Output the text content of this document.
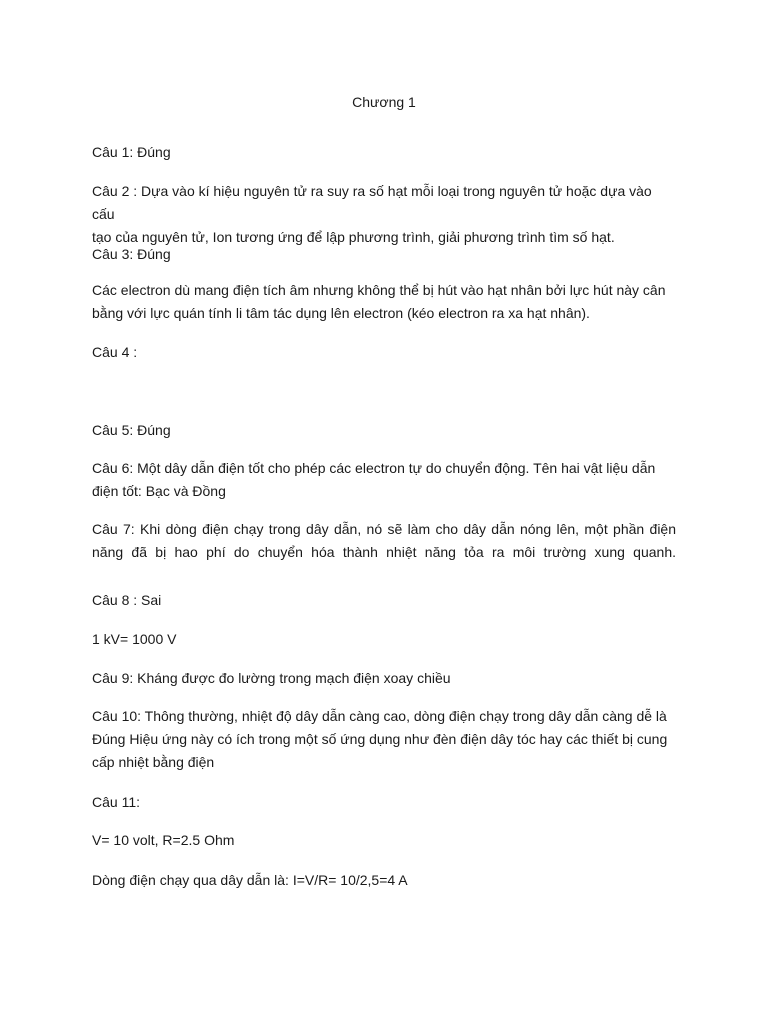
Chương 1

Câu 1: Đúng

Câu 2 : Dựa vào kí hiệu nguyên tử ra suy ra số hạt mỗi loại trong nguyên tử hoặc dựa vào cấu
tạo của nguyên tử, Ion tương ứng để lập phương trình, giải phương trình tìm số hạt.

Câu 3: Đúng

Các electron dù mang điện tích âm nhưng không thể bị hút vào hạt nhân bởi lực hút này cân
bằng với lực quán tính li tâm tác dụng lên electron (kéo electron ra xa hạt nhân).

Câu 4 :

Câu 5: Đúng

Câu 6: Một dây dẫn điện tốt cho phép các electron tự do chuyển động. Tên hai vật liệu dẫn
điện tốt: Bạc và Đồng

Câu 7: Khi dòng điện chạy trong dây dẫn, nó sẽ làm cho dây dẫn nóng lên, một phần điện
năng đã bị hao phí do chuyển hóa thành nhiệt năng tỏa ra môi trường xung quanh.

Câu 8 : Sai

1 kV= 1000 V

Câu 9: Kháng được đo lường trong mạch điện xoay chiều

Câu 10: Thông thường, nhiệt độ dây dẫn càng cao, dòng điện chạy trong dây dẫn càng dễ là
Đúng Hiệu ứng này có ích trong một số ứng dụng như đèn điện dây tóc hay các thiết bị cung
cấp nhiệt bằng điện

Câu 11:

V= 10 volt, R=2.5 Ohm

Dòng điện chạy qua dây dẫn là: I=V/R= 10/2,5=4 A
